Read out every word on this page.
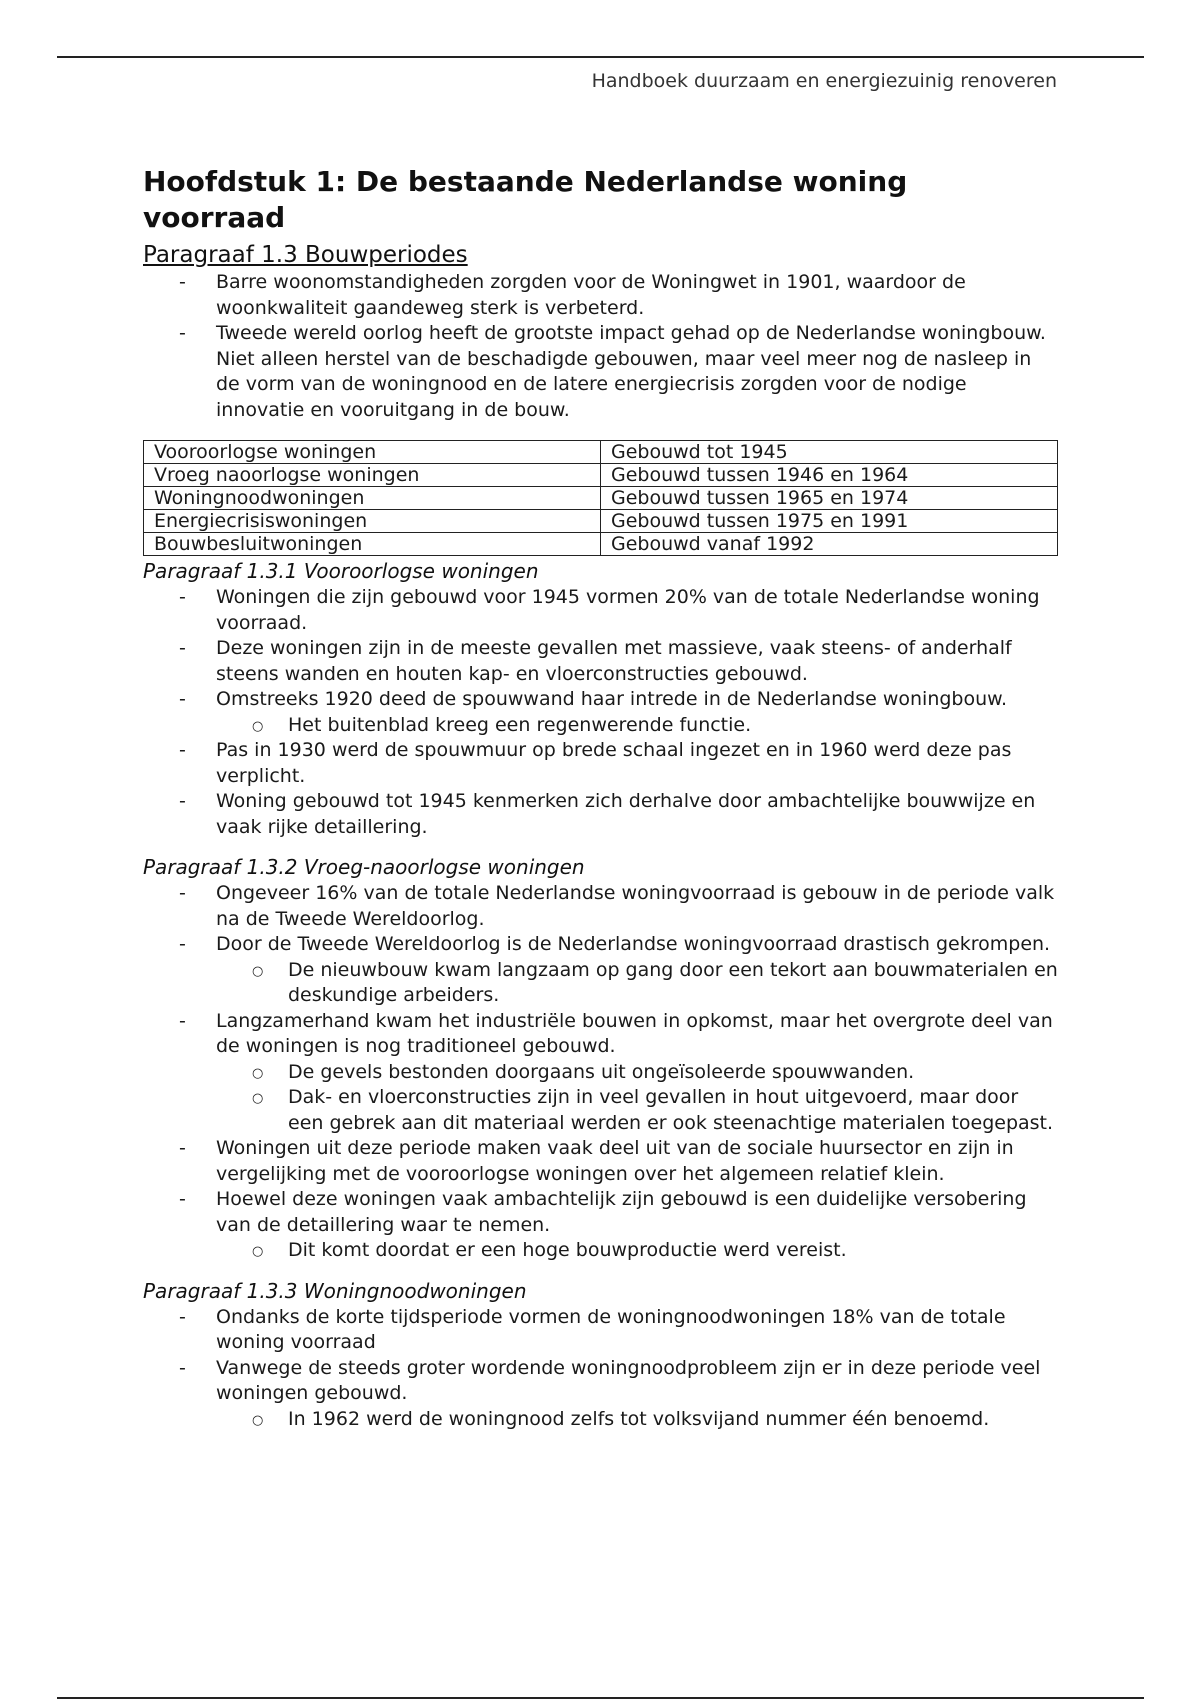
Handboek duurzaam en energiezuinig renoveren
Hoofdstuk 1: De bestaande Nederlandse woning voorraad
Paragraaf 1.3 Bouwperiodes
- Barre woonomstandigheden zorgden voor de Woningwet in 1901, waardoor de woonkwaliteit gaandeweg sterk is verbeterd.
- Tweede wereld oorlog heeft de grootste impact gehad op de Nederlandse woningbouw. Niet alleen herstel van de beschadigde gebouwen, maar veel meer nog de nasleep in de vorm van de woningnood en de latere energiecrisis zorgden voor de nodige innovatie en vooruitgang in de bouw.
Vooroorlogse woningen	Gebouwd tot 1945
Vroeg naoorlogse woningen	Gebouwd tussen 1946 en 1964
Woningnoodwoningen	Gebouwd tussen 1965 en 1974
Energiecrisiswoningen	Gebouwd tussen 1975 en 1991
Bouwbesluitwoningen	Gebouwd vanaf 1992
Paragraaf 1.3.1 Vooroorlogse woningen
- Woningen die zijn gebouwd voor 1945 vormen 20% van de totale Nederlandse woning voorraad.
- Deze woningen zijn in de meeste gevallen met massieve, vaak steens- of anderhalf steens wanden en houten kap- en vloerconstructies gebouwd.
- Omstreeks 1920 deed de spouwwand haar intrede in de Nederlandse woningbouw.
○ Het buitenblad kreeg een regenwerende functie.
- Pas in 1930 werd de spouwmuur op brede schaal ingezet en in 1960 werd deze pas verplicht.
- Woning gebouwd tot 1945 kenmerken zich derhalve door ambachtelijke bouwwijze en vaak rijke detaillering.
Paragraaf 1.3.2 Vroeg-naoorlogse woningen
- Ongeveer 16% van de totale Nederlandse woningvoorraad is gebouw in de periode valk na de Tweede Wereldoorlog.
- Door de Tweede Wereldoorlog is de Nederlandse woningvoorraad drastisch gekrompen.
○ De nieuwbouw kwam langzaam op gang door een tekort aan bouwmaterialen en deskundige arbeiders.
- Langzamerhand kwam het industriële bouwen in opkomst, maar het overgrote deel van de woningen is nog traditioneel gebouwd.
○ De gevels bestonden doorgaans uit ongeïsoleerde spouwwanden.
○ Dak- en vloerconstructies zijn in veel gevallen in hout uitgevoerd, maar door een gebrek aan dit materiaal werden er ook steenachtige materialen toegepast.
- Woningen uit deze periode maken vaak deel uit van de sociale huursector en zijn in vergelijking met de vooroorlogse woningen over het algemeen relatief klein.
- Hoewel deze woningen vaak ambachtelijk zijn gebouwd is een duidelijke versobering van de detaillering waar te nemen.
○ Dit komt doordat er een hoge bouwproductie werd vereist.
Paragraaf 1.3.3 Woningnoodwoningen
- Ondanks de korte tijdsperiode vormen de woningnoodwoningen 18% van de totale woning voorraad
- Vanwege de steeds groter wordende woningnoodprobleem zijn er in deze periode veel woningen gebouwd.
○ In 1962 werd de woningnood zelfs tot volksvijand nummer één benoemd.
